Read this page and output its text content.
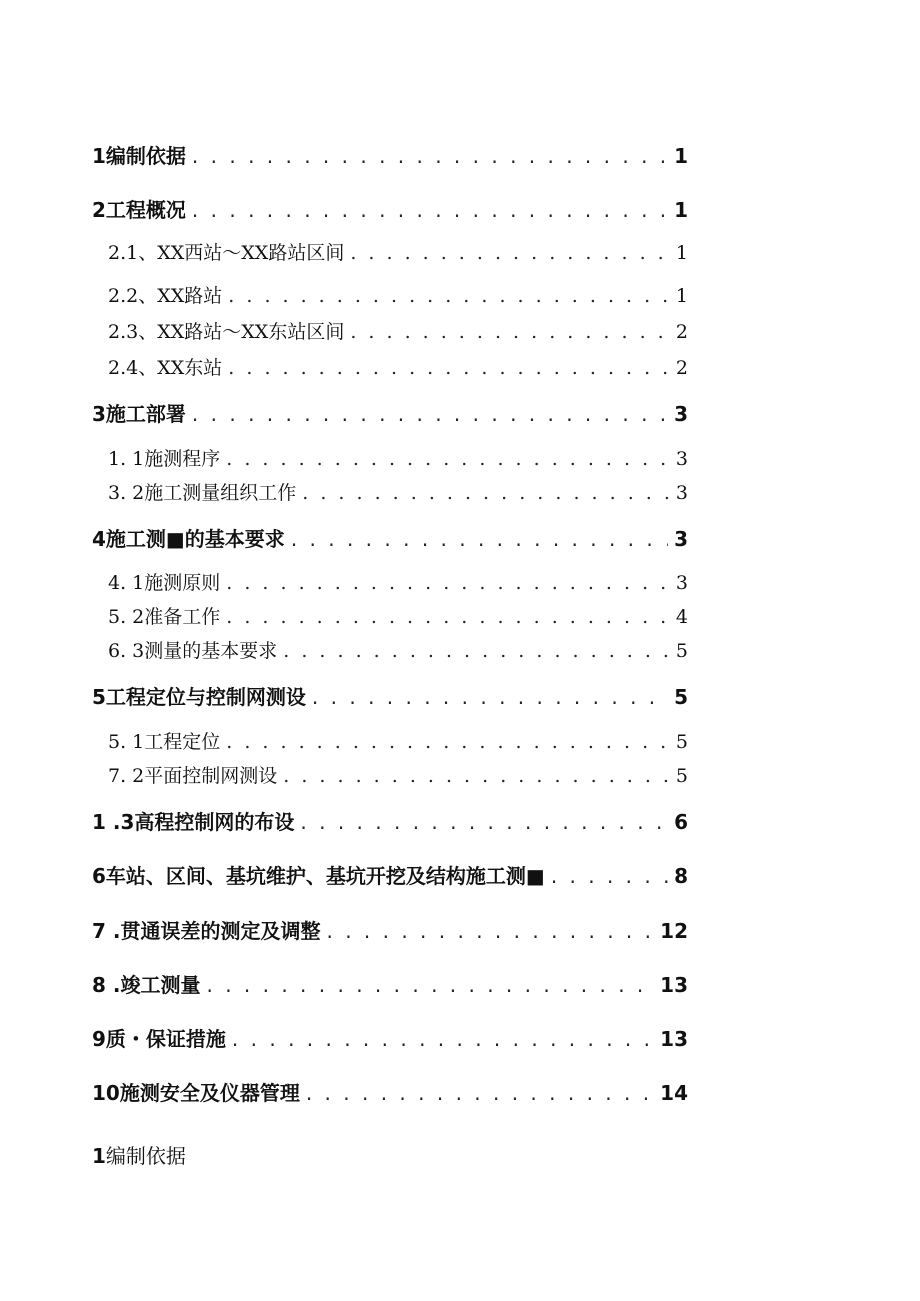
1编制依据 . . .	1
2工程概况 . . .	1
2.1、XX西站～XX路站区间 . . .	1
2.2、XX路站 . . .	1
2.3、XX路站～XX东站区间 . . .	2
2.4、XX东站 . . .	2
3施工部署 . . .	3
1. 1施测程序 . . .	3
3. 2施工测量组织工作 . . .	3
4施工测■的基本要求 . . .	3
4. 1施测原则 . . .	3
5. 2准备工作 . . .	4
6. 3测量的基本要求 . . .	5
5工程定位与控制网测设 . . .	5
5. 1工程定位 . . .	5
7. 2平面控制网测设 . . .	5
1 .3高程控制网的布设 . . .	6
6车站、区间、基坑维护、基坑开挖及结构施工测■ . . .	8
7 .贯通误差的测定及调整 . . .	12
8 .竣工测量 . . .	13
9质・保证措施 . . .	13
10施测安全及仪器管理 . . .	14
1编制依据
